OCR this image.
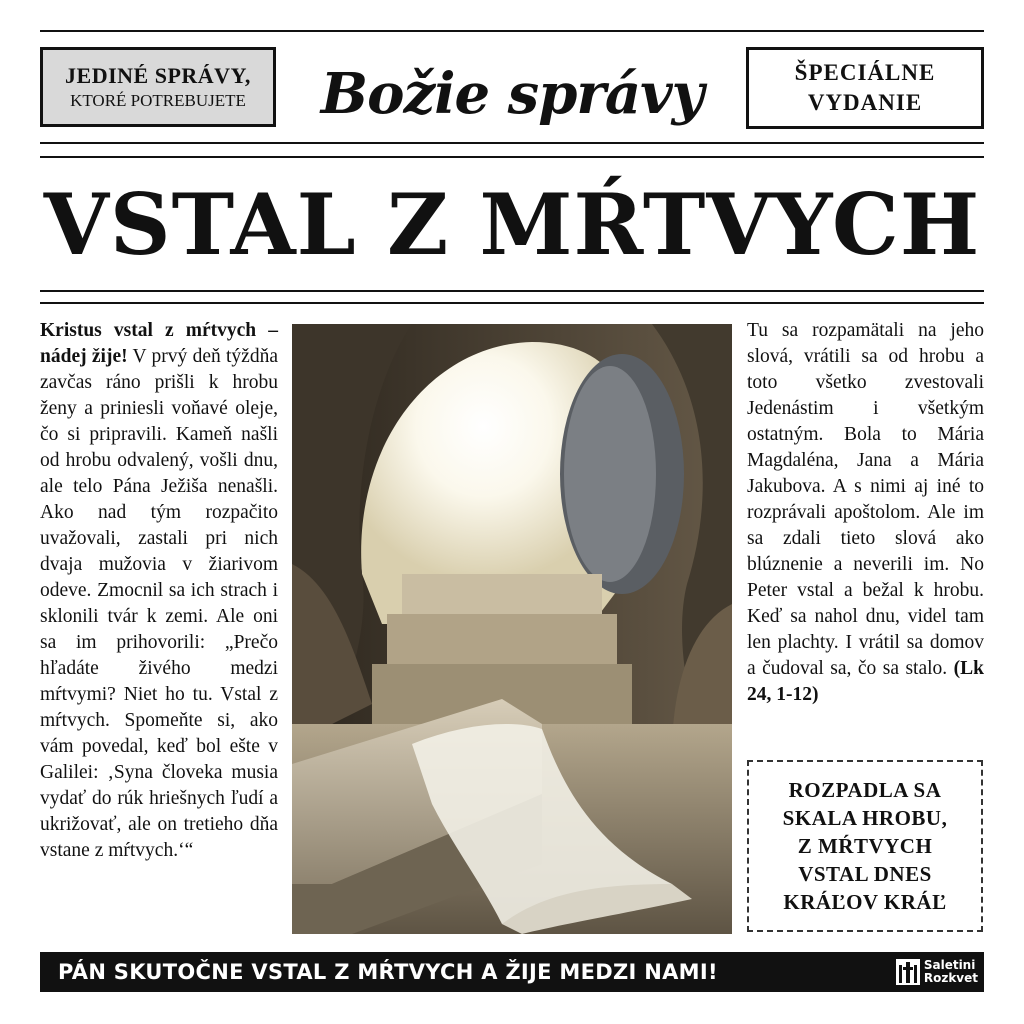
JEDINÉ SPRÁVY,
KTORÉ POTREBUJETE	Božie správy	ŠPECIÁLNE
VYDANIE
VSTAL Z MŔTVYCH
Kristus vstal z mŕtvych – nádej žije! V prvý deň týždňa zavčas ráno prišli k hrobu ženy a priniesli voňavé oleje, čo si pripravili. Kameň našli od hrobu odvalený, vošli dnu, ale telo Pána Ježiša nenašli. Ako nad tým rozpačito uvažovali, zastali pri nich dvaja mužovia v žiarivom odeve. Zmocnil sa ich strach i sklonili tvár k zemi. Ale oni sa im prihovorili: „Prečo hľadáte živého medzi mŕtvymi? Niet ho tu. Vstal z mŕtvych. Spomeňte si, ako vám povedal, keď bol ešte v Galilei: ‚Syna človeka musia vydať do rúk hriešnych ľudí a ukrižovať, ale on tretieho dňa vstane z mŕtvych.‘“
Tu sa rozpamätali na jeho slová, vrátili sa od hrobu a toto všetko zvestovali Jedenástim i všetkým ostatným. Bola to Mária Magdaléna, Jana a Mária Jakubova. A s nimi aj iné to rozprávali apoštolom. Ale im sa zdali tieto slová ako blúznenie a neverili im. No Peter vstal a bežal k hrobu. Keď sa nahol dnu, videl tam len plachty. I vrátil sa domov a čudoval sa, čo sa stalo. (Lk 24, 1-12)
ROZPADLA SA
SKALA HROBU,
Z MŔTVYCH
VSTAL DNES
KRÁĽOV KRÁĽ
PÁN SKUTOČNE VSTAL Z MŔTVYCH A ŽIJE MEDZI NAMI!	Saletini
Rozkvet
